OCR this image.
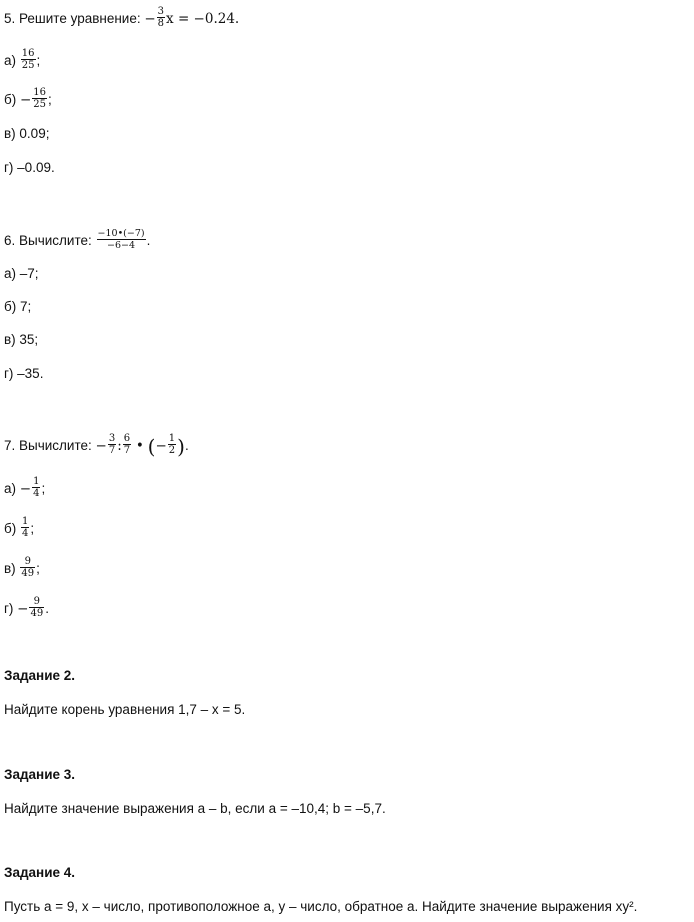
5. Решите уравнение: − $\frac{3}{8}$ x = −0.24.
$а) \frac{16}{25}$ ;
$б) - \frac{16}{25}$ ;
в) 0.09;
г) –0.09.
6. Вычислите: $\frac{-10•(-7)}{-6-4}$ .
а) –7;
б) 7;
в) 35;
г) –35.
7. Вычислите: − $\frac{3}{7}$ : $\frac{6}{7}$ • (− $\frac{1}{2}$ ).
$а) - \frac{1}{4}$ ;
$б) \frac{1}{4}$ ;
$в) \frac{9}{49}$ ;
$г) - \frac{9}{49}$ .
Задание 2.
Найдите корень уравнения 1,7 – x = 5.
Задание 3.
Найдите значение выражения a – b, если a = –10,4; b = –5,7.
Задание 4.
Пусть a = 9, x – число, противоположное a, y – число, обратное a. Найдите значение выражения xy².
